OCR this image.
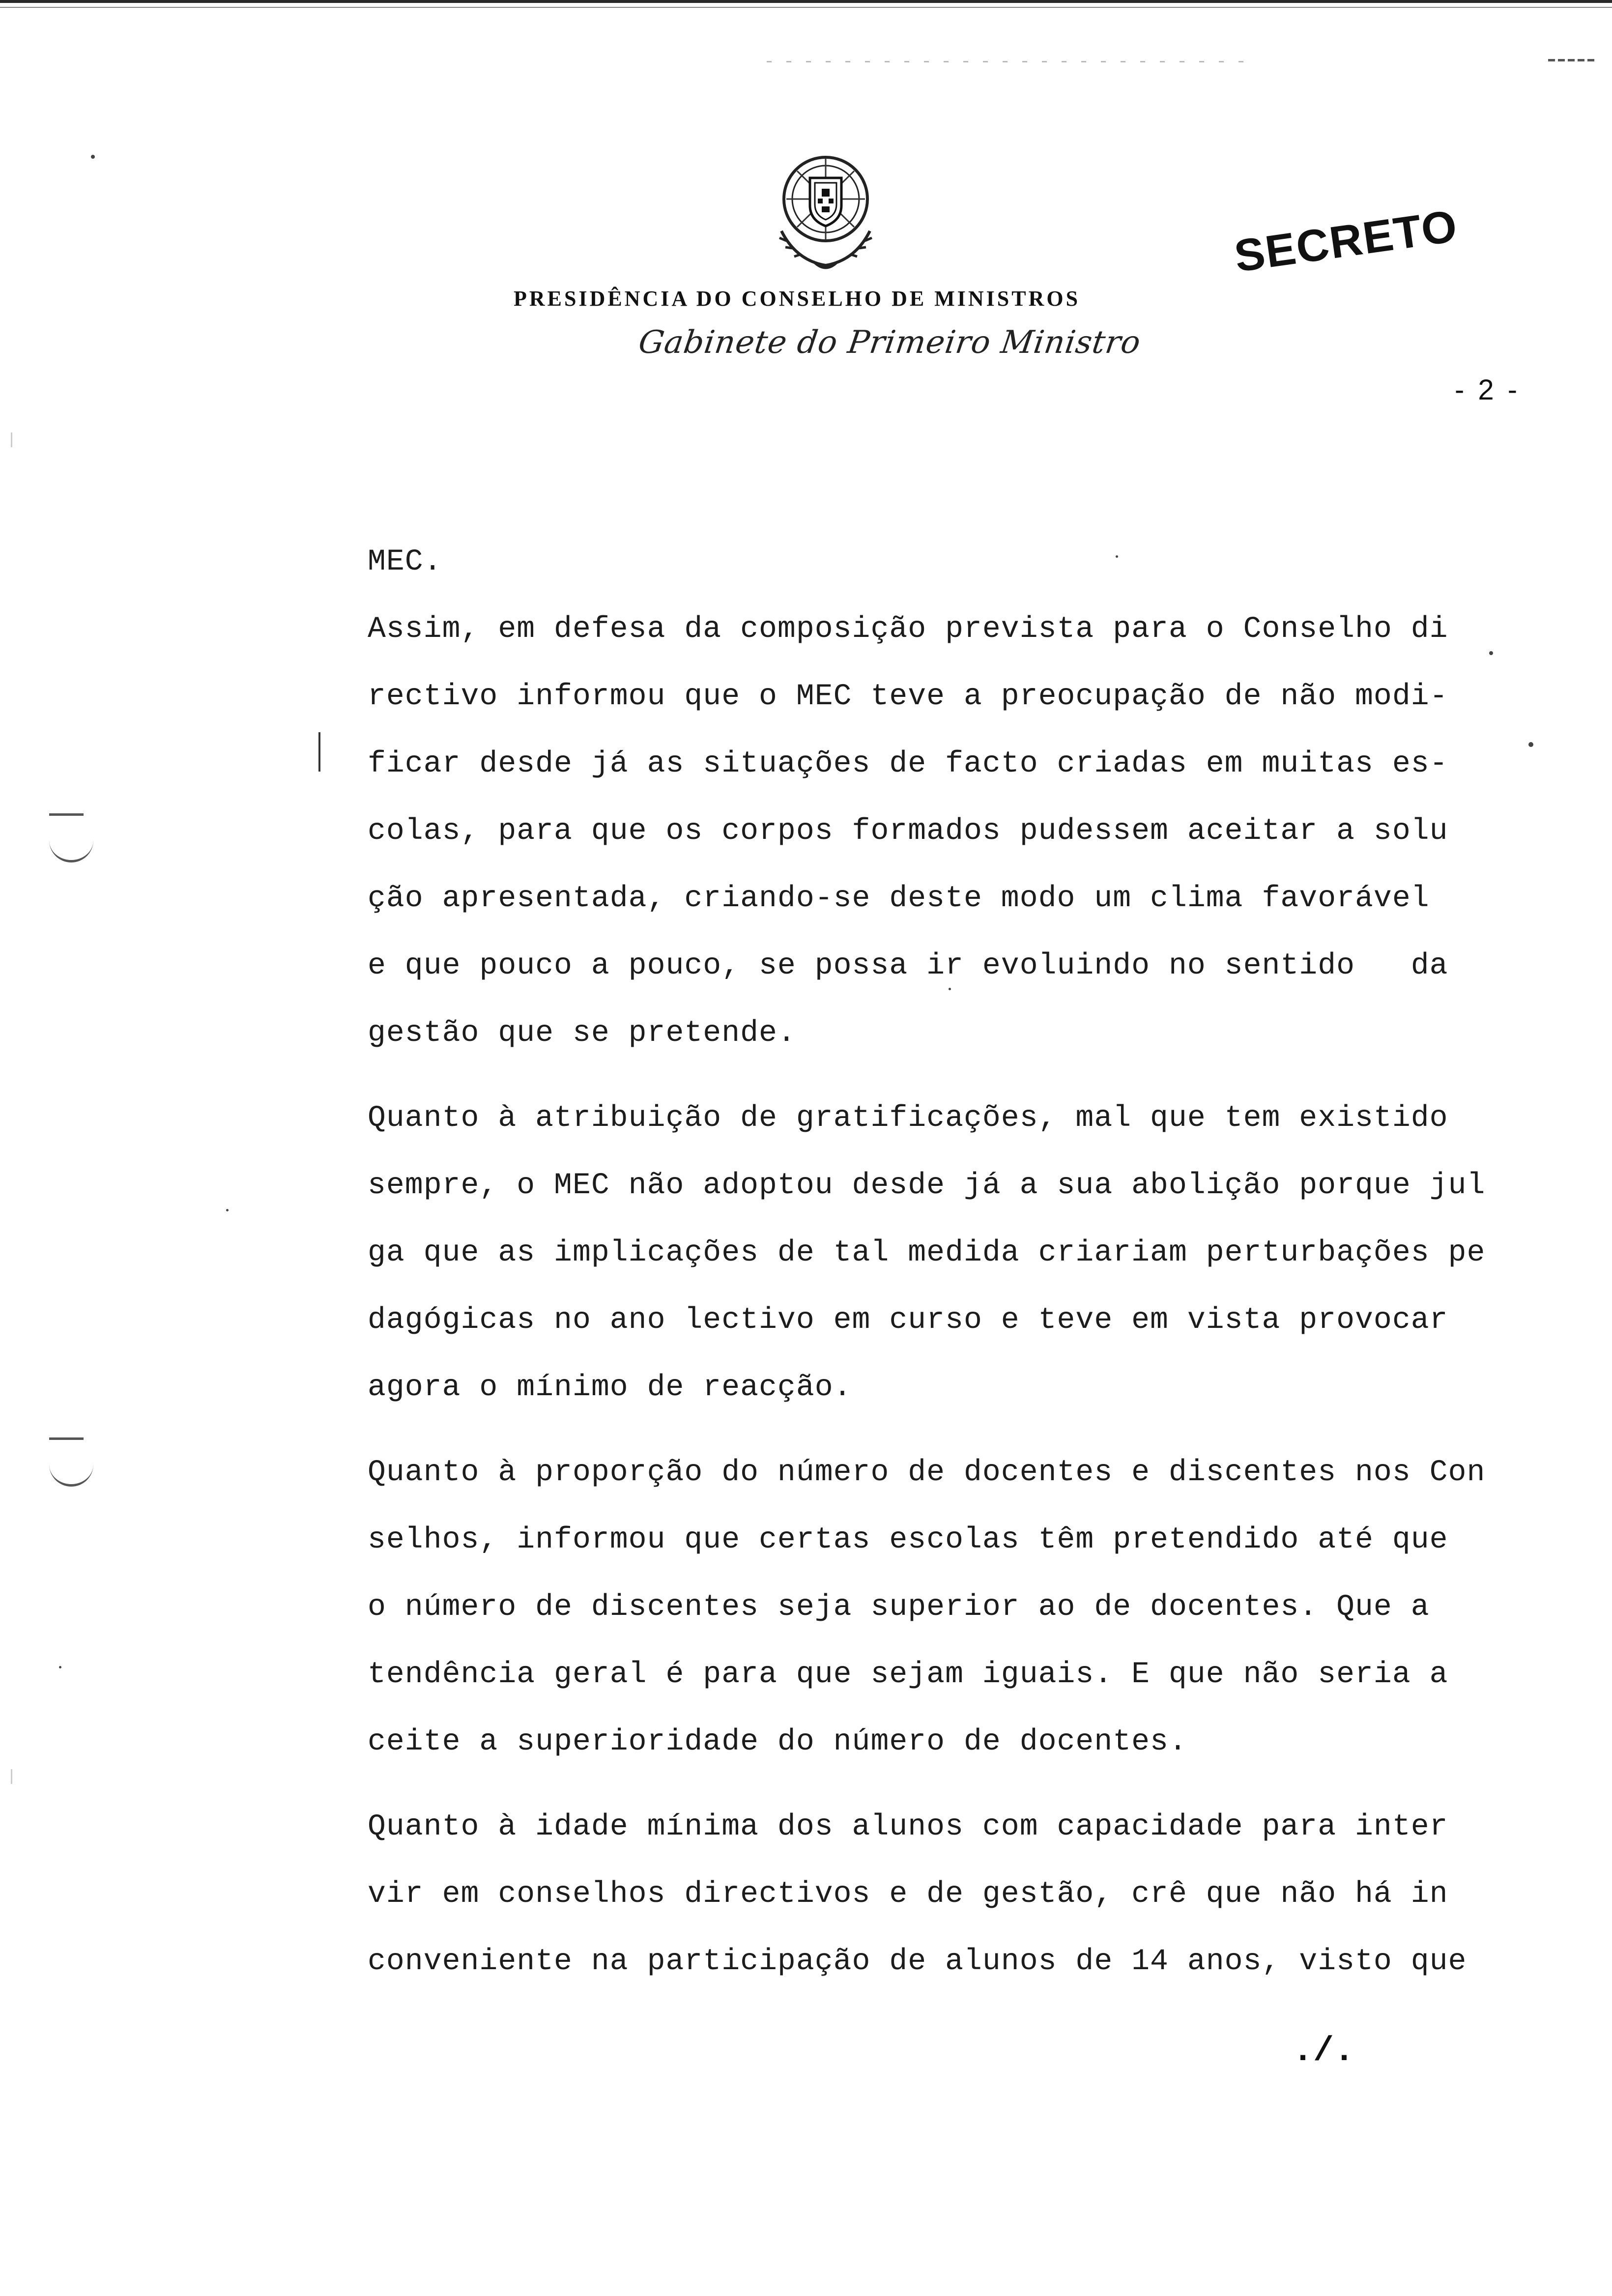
PRESIDÊNCIA DO CONSELHO DE MINISTROS
Gabinete do Primeiro Ministro
SECRETO
- 2 -

MEC.

Assim, em defesa da composição prevista para o Conselho di

rectivo informou que o MEC teve a preocupação de não modi-

ficar desde já as situações de facto criadas em muitas es-

colas, para que os corpos formados pudessem aceitar a solu

ção apresentada, criando-se deste modo um clima favorável

e que pouco a pouco, se possa ir evoluindo no sentido   da

gestão que se pretende.

Quanto à atribuição de gratificações, mal que tem existido

sempre, o MEC não adoptou desde já a sua abolição porque jul

ga que as implicações de tal medida criariam perturbações pe

dagógicas no ano lectivo em curso e teve em vista provocar

agora o mínimo de reacção.

Quanto à proporção do número de docentes e discentes nos Con

selhos, informou que certas escolas têm pretendido até que

o número de discentes seja superior ao de docentes. Que a

tendência geral é para que sejam iguais. E que não seria a

ceite a superioridade do número de docentes.

Quanto à idade mínima dos alunos com capacidade para inter

vir em conselhos directivos e de gestão, crê que não há in

conveniente na participação de alunos de 14 anos, visto que

./.
